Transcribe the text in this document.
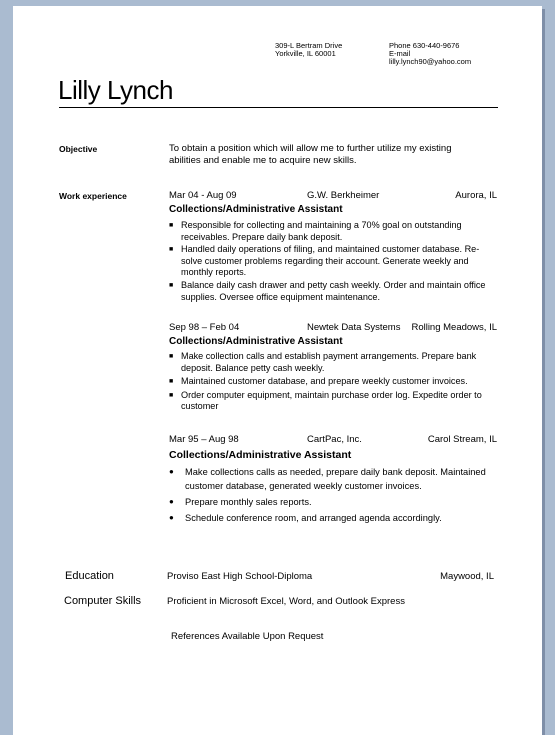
309-L Bertram Drive
Yorkville, IL 60001
Phone 630-440-9676
E-mail
lilly.lynch90@yahoo.com
Lilly Lynch
Objective	To obtain a position which will allow me to further utilize my existing
abilities and enable me to acquire new skills.
Work experience	Mar 04 - Aug 09	G.W. Berkheimer	Aurora, IL
Collections/Administrative Assistant
■ Responsible for collecting and maintaining a 70% goal on outstanding receivables. Prepare daily bank deposit.
■ Handled daily operations of filing, and maintained customer database. Re-solve customer problems regarding their account. Generate weekly and monthly reports.
■ Balance daily cash drawer and petty cash weekly. Order and maintain office supplies. Oversee office equipment maintenance.
Sep 98 – Feb 04	Newtek Data Systems Rolling Meadows, IL
Collections/Administrative Assistant
■ Make collection calls and establish payment arrangements. Prepare bank deposit. Balance petty cash weekly.
■ Maintained customer database, and prepare weekly customer invoices.
■ Order computer equipment, maintain purchase order log. Expedite order to customer
Mar 95 – Aug 98	CartPac, Inc.	Carol Stream, IL
Collections/Administrative Assistant
● Make collections calls as needed, prepare daily bank deposit. Maintained customer database, generated weekly customer invoices.
● Prepare monthly sales reports.
● Schedule conference room, and arranged agenda accordingly.
Education	Proviso East High School-Diploma	Maywood, IL
Computer Skills	Proficient in Microsoft Excel, Word, and Outlook Express
References Available Upon Request
